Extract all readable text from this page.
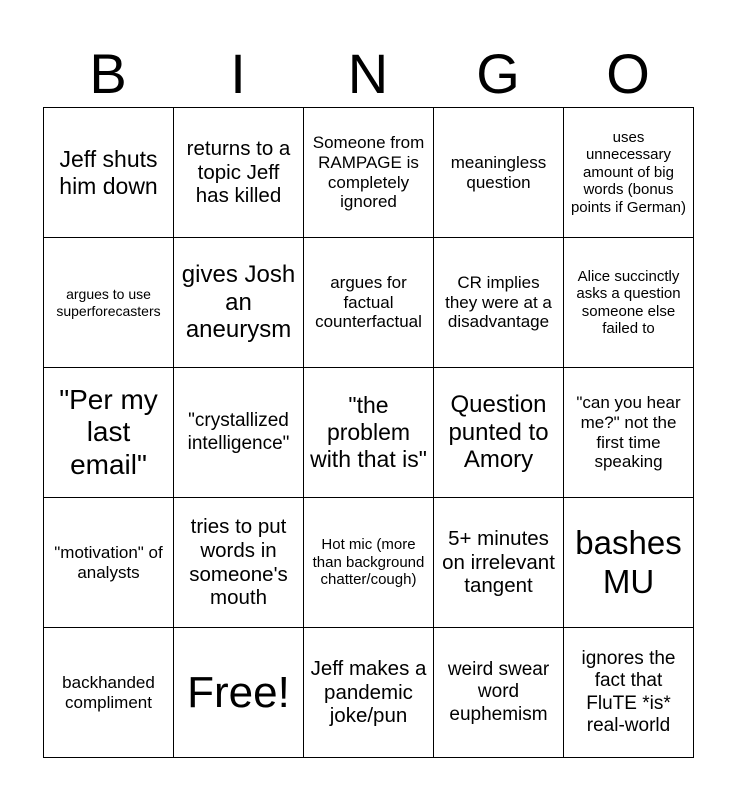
B	I	N	G	O
Jeff shuts him down
returns to a topic Jeff has killed
Someone from RAMPAGE is completely ignored
meaningless question
uses unnecessary amount of big words (bonus points if German)
argues to use superforecasters
gives Josh an aneurysm
argues for factual counterfactual
CR implies they were at a disadvantage
Alice succinctly asks a question someone else failed to
"Per my last email"
"crystallized intelligence"
"the problem with that is"
Question punted to Amory
"can you hear me?" not the first time speaking
"motivation" of analysts
tries to put words in someone's mouth
Hot mic (more than background chatter/cough)
5+ minutes on irrelevant tangent
bashes MU
backhanded compliment Free! Jeff makes a pandemic joke/pun
weird swear word euphemism
ignores the fact that FluTE *is* real-world
